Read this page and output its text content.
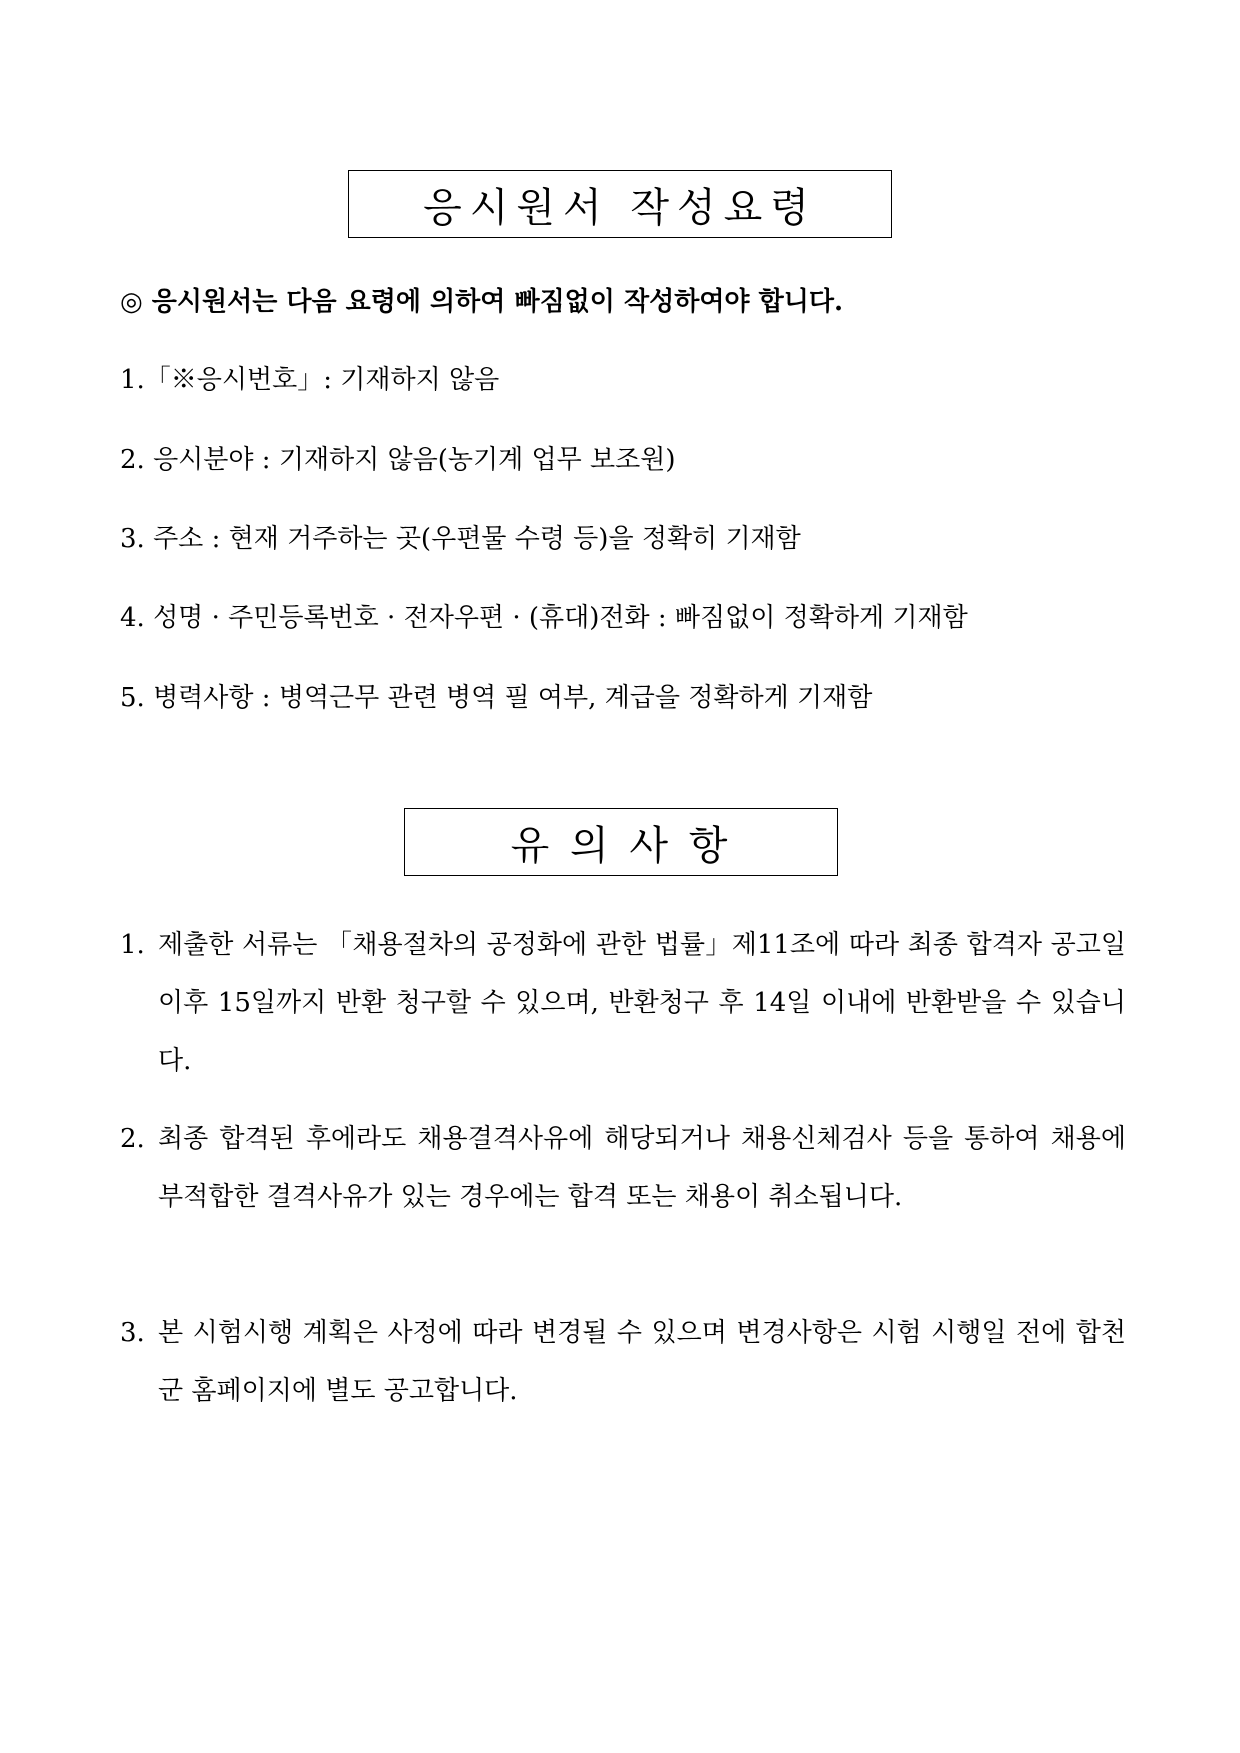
응시원서 작성요령
◎ 응시원서는 다음 요령에 의하여 빠짐없이 작성하여야 합니다.
1.「※응시번호」: 기재하지 않음
2. 응시분야 : 기재하지 않음(농기계 업무 보조원)
3. 주소 : 현재 거주하는 곳(우편물 수령 등)을 정확히 기재함
4. 성명 · 주민등록번호 · 전자우편 · (휴대)전화 : 빠짐없이 정확하게 기재함
5. 병력사항 : 병역근무 관련 병역 필 여부, 계급을 정확하게 기재함
유 의 사 항
1. 제출한 서류는 「채용절차의 공정화에 관한 법률」제11조에 따라 최종 합격자 공고일 이후 15일까지 반환 청구할 수 있으며, 반환청구 후 14일 이내에 반환받을 수 있습니다.
2. 최종 합격된 후에라도 채용결격사유에 해당되거나 채용신체검사 등을 통하여 채용에 부적합한 결격사유가 있는 경우에는 합격 또는 채용이 취소됩니다.
3. 본 시험시행 계획은 사정에 따라 변경될 수 있으며 변경사항은 시험 시행일 전에 합천군 홈페이지에 별도 공고합니다.
